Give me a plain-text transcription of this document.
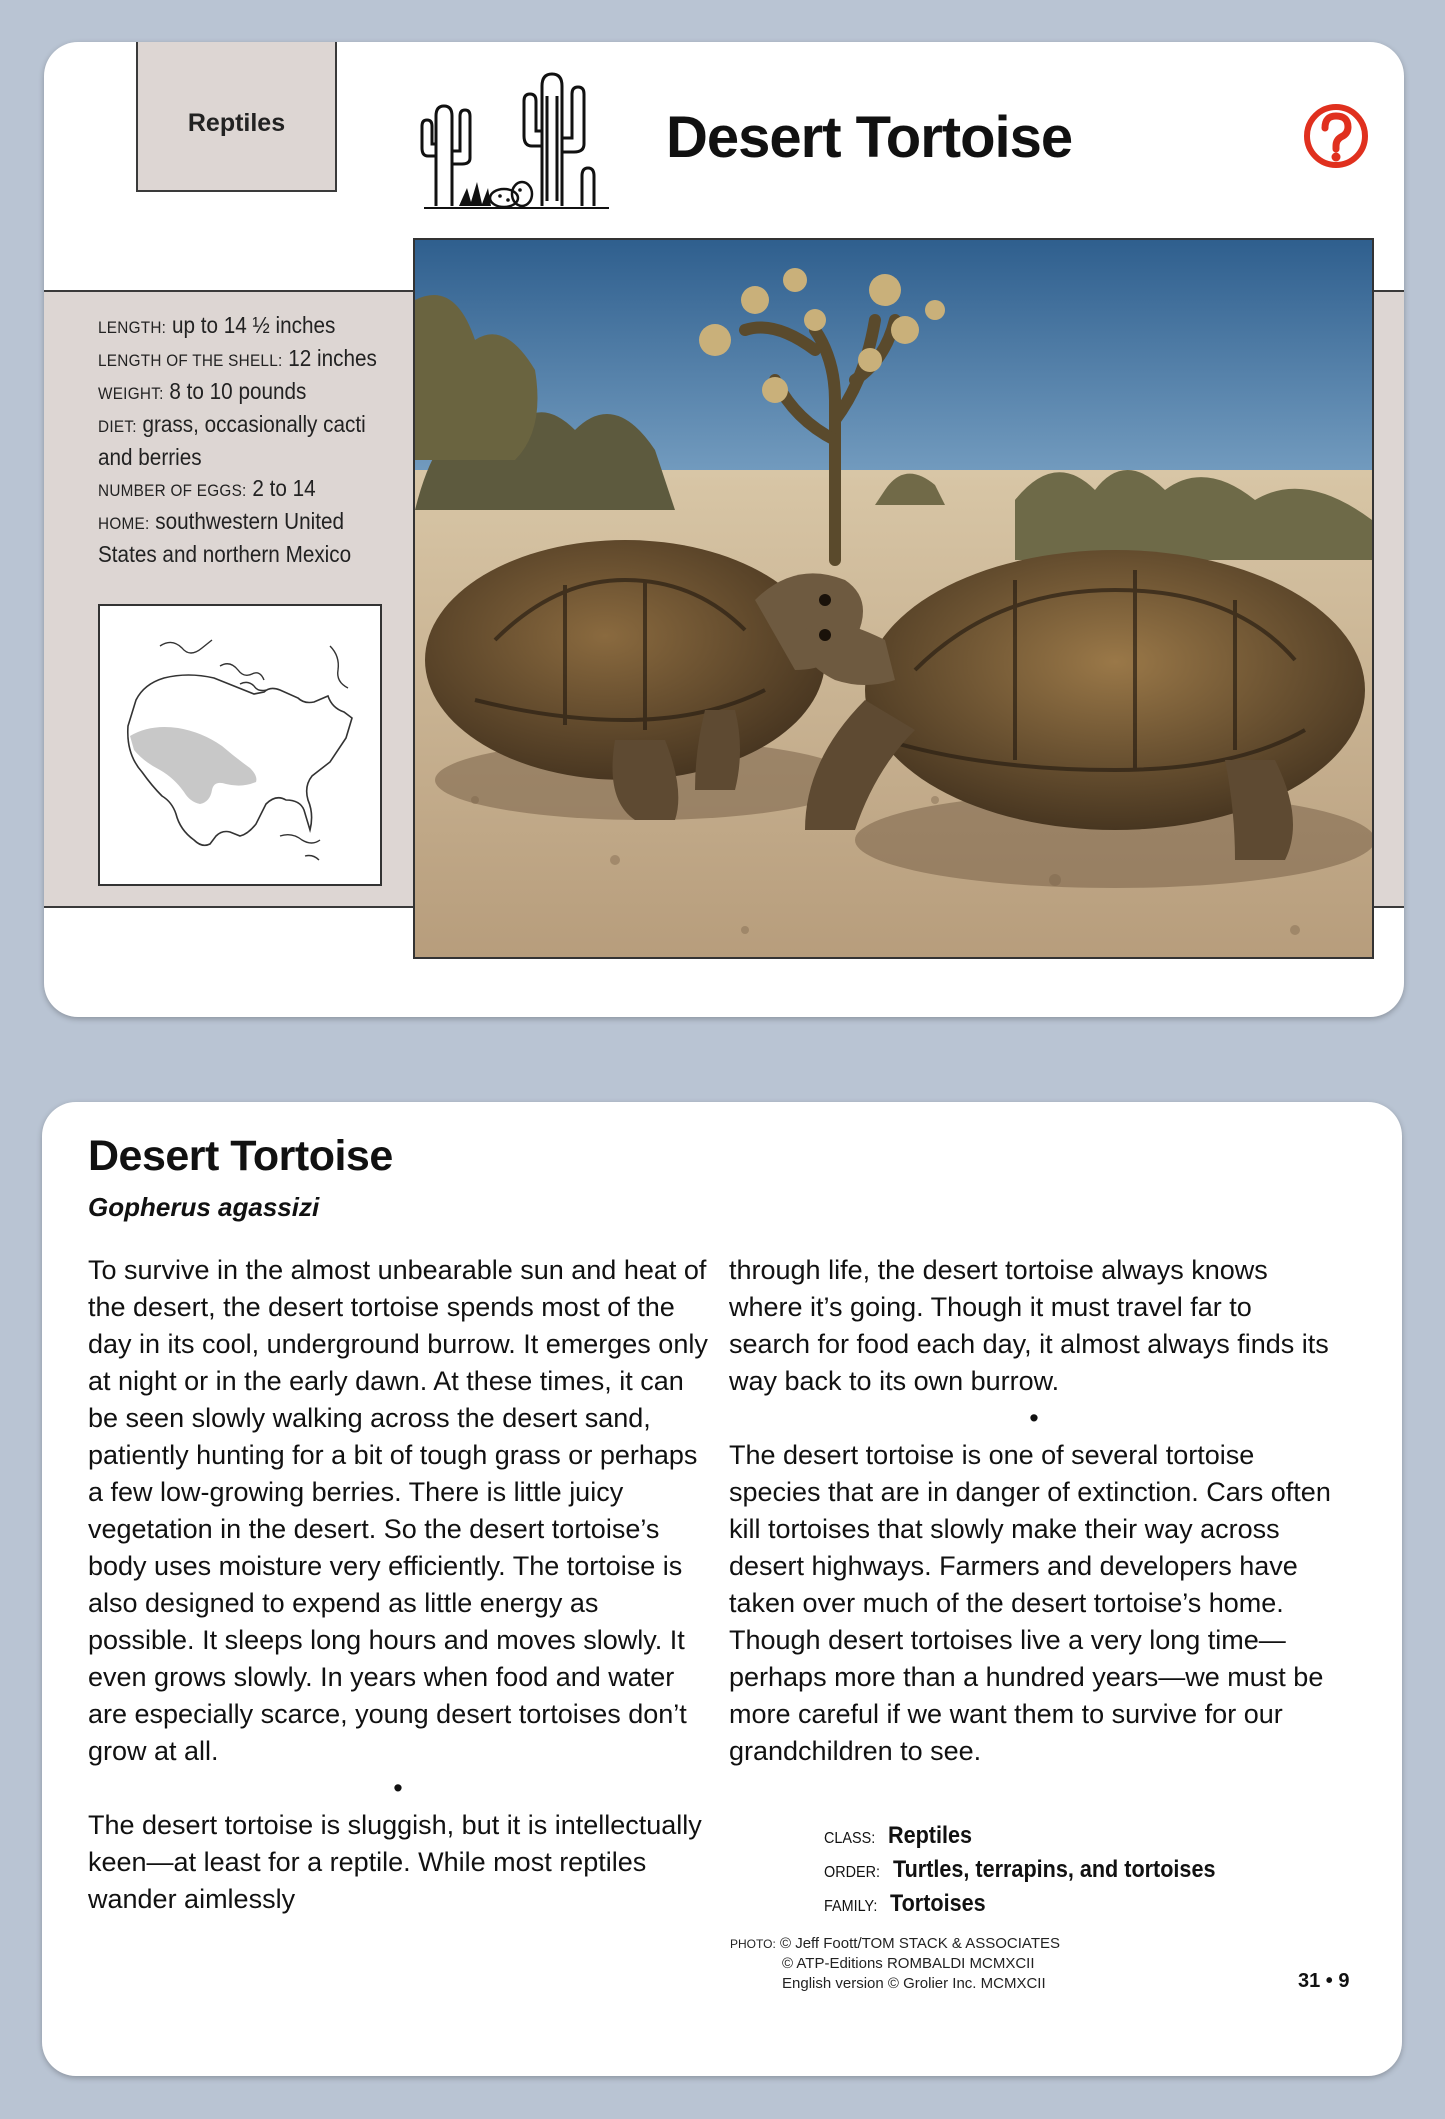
Reptiles	Desert Tortoise
LENGTH: up to 14 ½ inches
LENGTH OF THE SHELL: 12 inches
WEIGHT: 8 to 10 pounds
DIET: grass, occasionally cacti and berries
NUMBER OF EGGS: 2 to 14
HOME: southwestern United States and northern Mexico
Desert Tortoise
Gopherus agassizi

To survive in the almost unbearable sun and heat of the desert, the desert tortoise spends most of the day in its cool, underground burrow. It emerges only at night or in the early dawn. At these times, it can be seen slowly walking across the desert sand, patiently hunting for a bit of tough grass or perhaps a few low-growing berries. There is little juicy vegetation in the desert. So the desert tortoise’s body uses moisture very efficiently. The tortoise is also designed to expend as little energy as possible. It sleeps long hours and moves slowly. It even grows slowly. In years when food and water are especially scarce, young desert tortoises don’t grow at all.

•

The desert tortoise is sluggish, but it is intellectually keen—at least for a reptile. While most reptiles wander aimlessly

through life, the desert tortoise always knows where it’s going. Though it must travel far to search for food each day, it almost always finds its way back to its own burrow.

•

The desert tortoise is one of several tortoise species that are in danger of extinction. Cars often kill tortoises that slowly make their way across desert highways. Farmers and developers have taken over much of the desert tortoise’s home. Though desert tortoises live a very long time—perhaps more than a hundred years—we must be more careful if we want them to survive for our grandchildren to see.

CLASS: Reptiles
ORDER: Turtles, terrapins, and tortoises
FAMILY: Tortoises
PHOTO: © Jeff Foott/TOM STACK & ASSOCIATES
© ATP-Editions ROMBALDI MCMXCII
English version © Grolier Inc. MCMXCII	31 • 9
